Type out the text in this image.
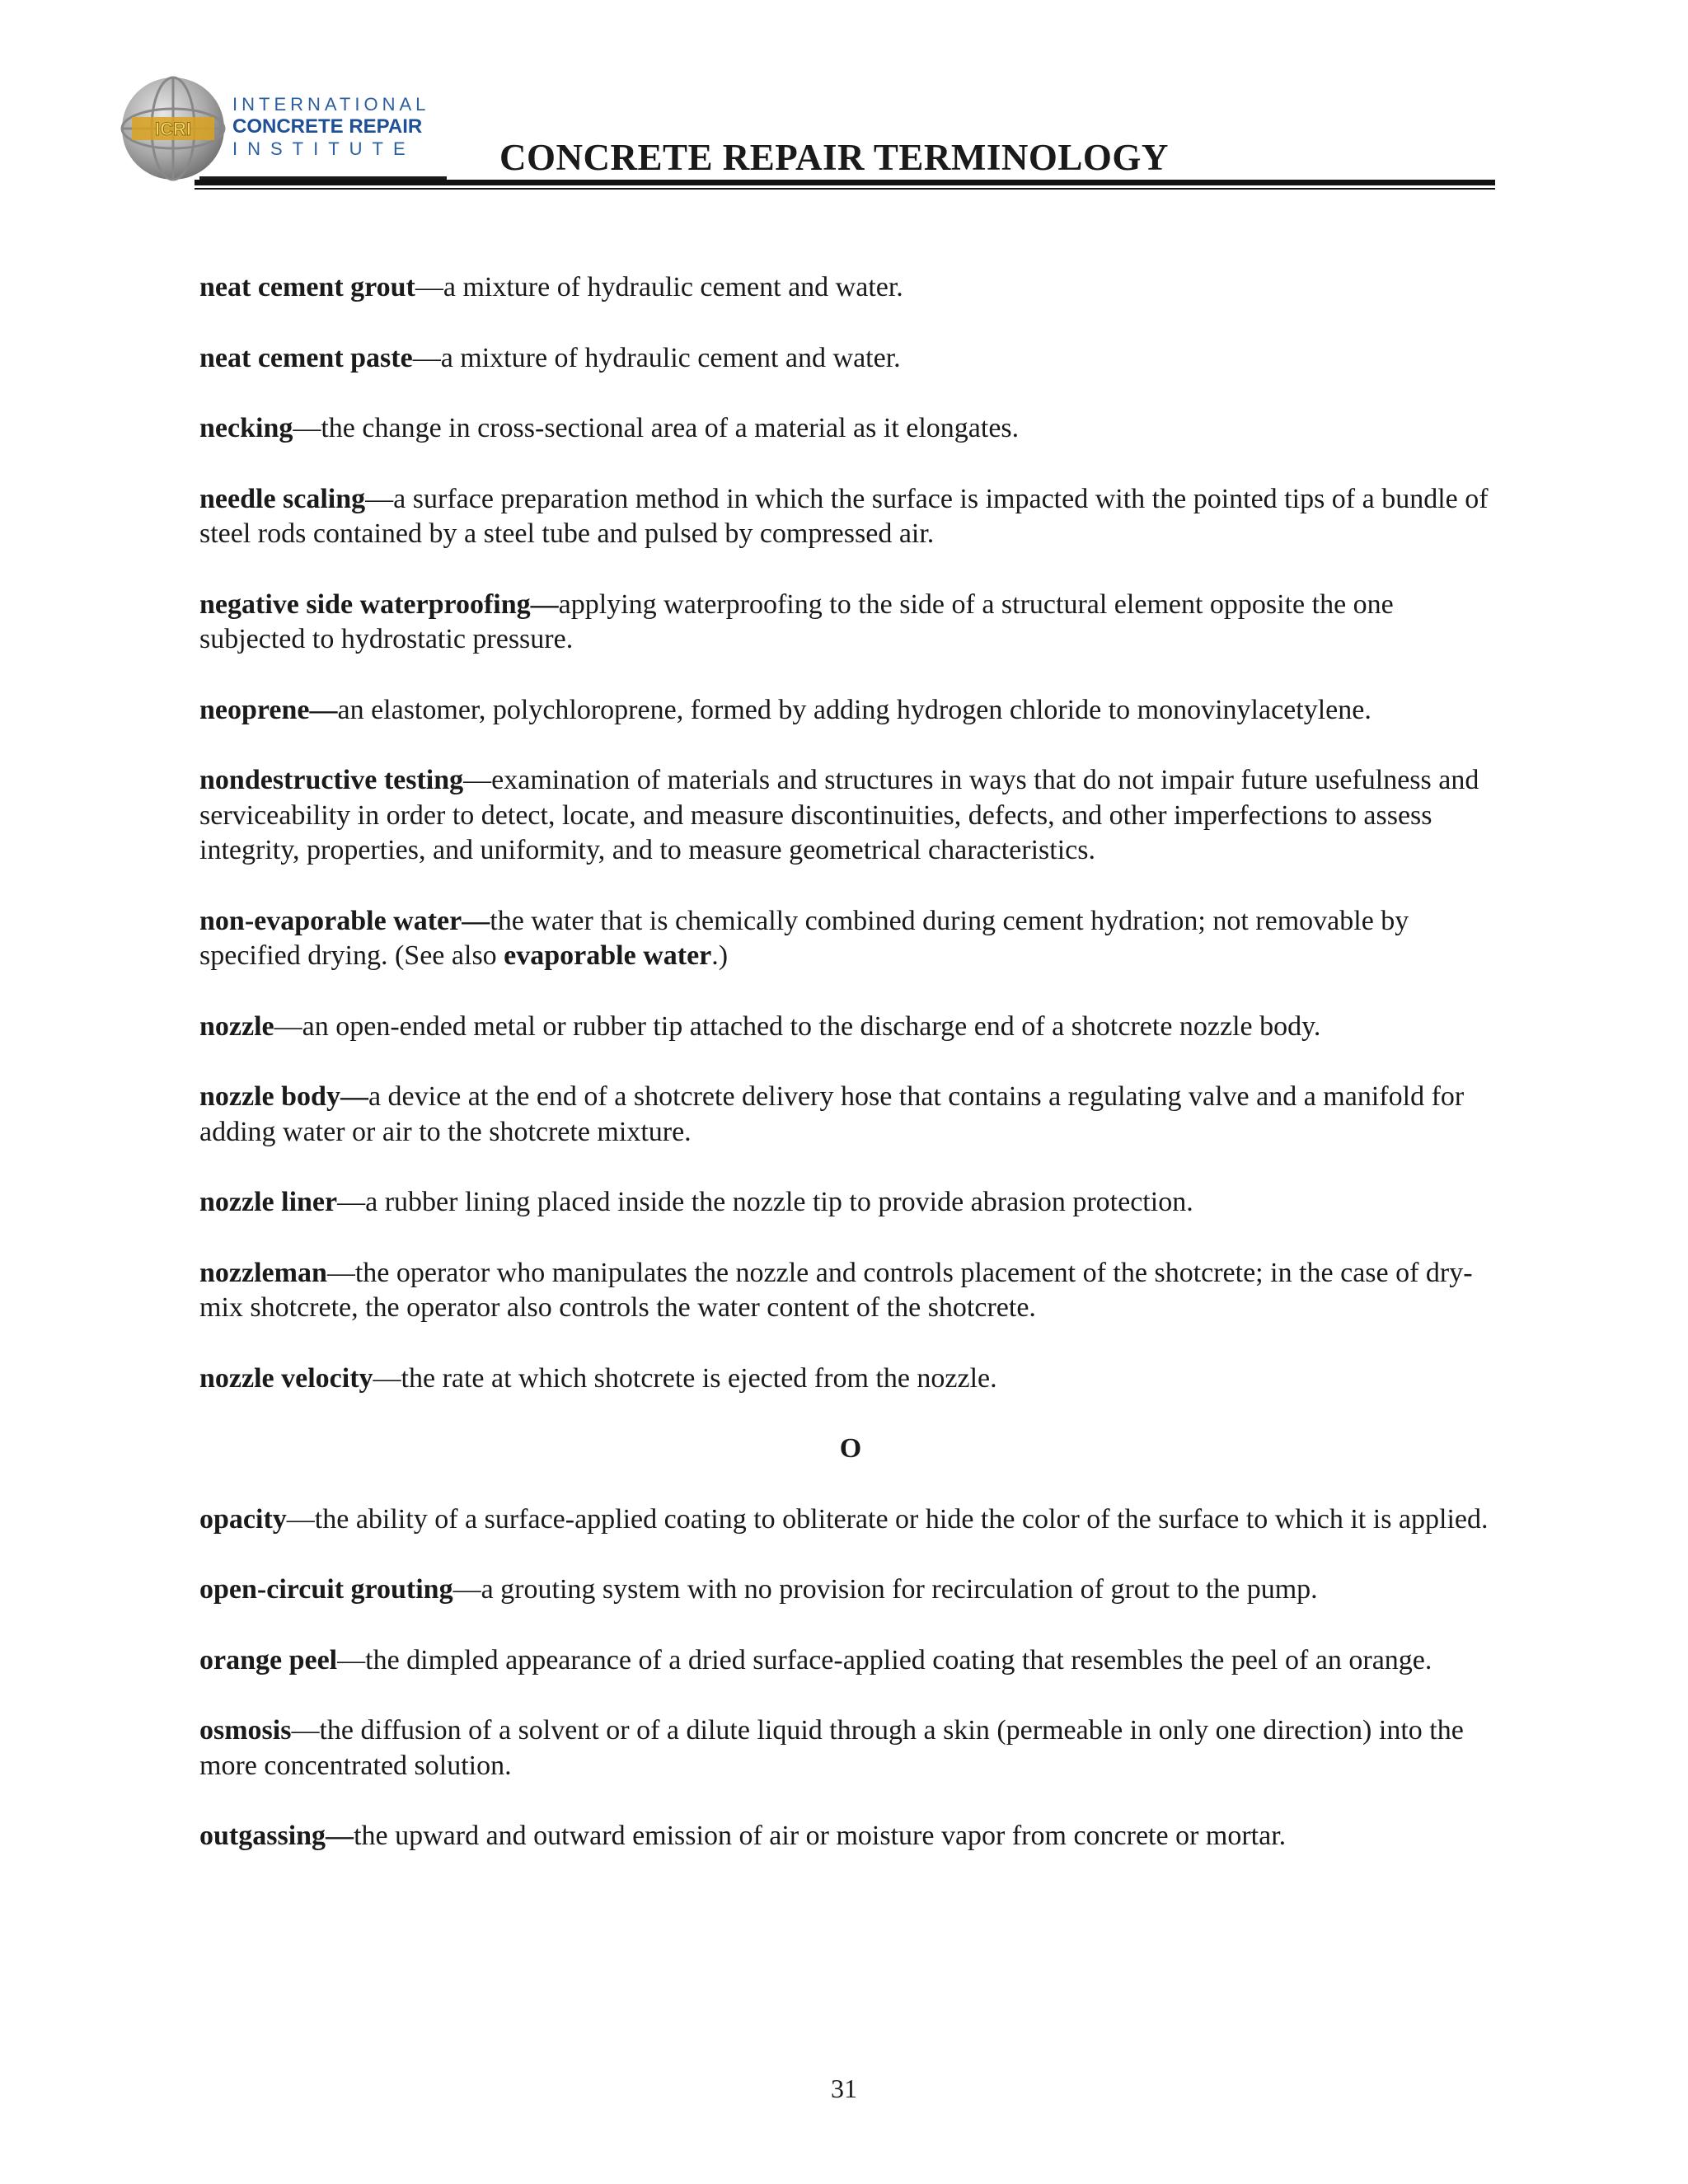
ICRI
INTERNATIONAL
CONCRETE REPAIR
INSTITUTE	CONCRETE REPAIR TERMINOLOGY
neat cement grout—a mixture of hydraulic cement and water.
neat cement paste—a mixture of hydraulic cement and water.
necking—the change in cross-sectional area of a material as it elongates.
needle scaling—a surface preparation method in which the surface is impacted with the pointed tips of a bundle of steel rods contained by a steel tube and pulsed by compressed air.
negative side waterproofing—applying waterproofing to the side of a structural element opposite the one subjected to hydrostatic pressure.
neoprene—an elastomer, polychloroprene, formed by adding hydrogen chloride to monovinylacetylene.
nondestructive testing—examination of materials and structures in ways that do not impair future usefulness and serviceability in order to detect, locate, and measure discontinuities, defects, and other imperfections to assess integrity, properties, and uniformity, and to measure geometrical characteristics.
non-evaporable water—the water that is chemically combined during cement hydration; not removable by specified drying. (See also evaporable water.)
nozzle—an open-ended metal or rubber tip attached to the discharge end of a shotcrete nozzle body.
nozzle body—a device at the end of a shotcrete delivery hose that contains a regulating valve and a manifold for adding water or air to the shotcrete mixture.
nozzle liner—a rubber lining placed inside the nozzle tip to provide abrasion protection.
nozzleman—the operator who manipulates the nozzle and controls placement of the shotcrete; in the case of dry-mix shotcrete, the operator also controls the water content of the shotcrete.
nozzle velocity—the rate at which shotcrete is ejected from the nozzle.
O
opacity—the ability of a surface-applied coating to obliterate or hide the color of the surface to which it is applied.
open-circuit grouting—a grouting system with no provision for recirculation of grout to the pump.
orange peel—the dimpled appearance of a dried surface-applied coating that resembles the peel of an orange.
osmosis—the diffusion of a solvent or of a dilute liquid through a skin (permeable in only one direction) into the more concentrated solution.
outgassing—the upward and outward emission of air or moisture vapor from concrete or mortar.
31
